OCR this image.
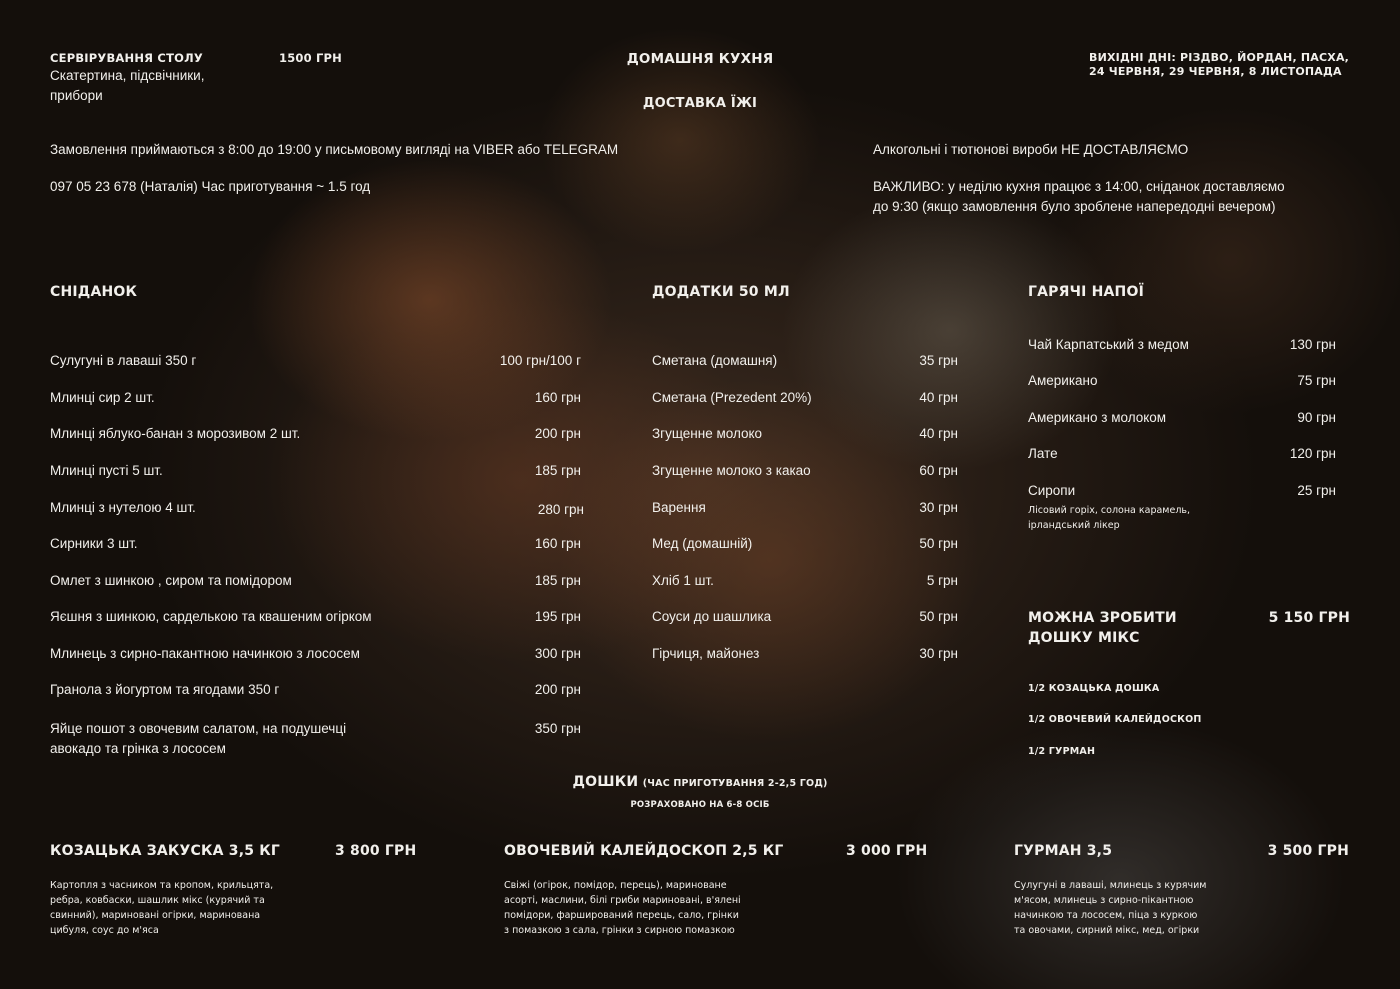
СЕРВІРУВАННЯ СТОЛУ	1500 ГРН
Скатертина, підсвічники,
прибори
ДОМАШНЯ КУХНЯ
ДОСТАВКА ЇЖІ
ВИХІДНІ ДНІ: РІЗДВО, ЙОРДАН, ПАСХА,
24 ЧЕРВНЯ, 29 ЧЕРВНЯ, 8 ЛИСТОПАДА
Замовлення приймаються з 8:00 до 19:00 у письмовому вигляді на VIBER або TELEGRAM
097 05 23 678 (Наталія) Час приготування ~ 1.5 год
Алкогольні і тютюнові вироби НЕ ДОСТАВЛЯЄМО
ВАЖЛИВО: у неділю кухня працює з 14:00, сніданок доставляємо
до 9:30 (якщо замовлення було зроблене напередодні вечером)
СНІДАНОК
Сулугуні в лаваші 350 г	100 грн/100 г
Млинці сир 2 шт.	160 грн
Млинці яблуко-банан з морозивом 2 шт.	200 грн
Млинці пусті 5 шт.	185 грн
Млинці з нутелою 4 шт.	280 грн
Сирники 3 шт.	160 грн
Омлет з шинкою , сиром та помідором	185 грн
Яєшня з шинкою, сарделькою та квашеним огірком	195 грн
Млинець з сирно-пакантною начинкою з лососем	300 грн
Гранола з йогуртом та ягодами 350 г	200 грн
Яйце пошот з овочевим салатом, на подушечці
авокадо та грінка з лососем
350 грн
ДОДАТКИ 50 МЛ
Сметана (домашня)	35 грн
Сметана (Prezedent 20%)	40 грн
Згущенне молоко	40 грн
Згущенне молоко з какао	60 грн
Варення	30 грн
Мед (домашній)	50 грн
Хліб 1 шт.	5 грн
Соуси до шашлика	50 грн
Гірчиця, майонез	30 грн
ГАРЯЧІ НАПОЇ
Чай Карпатський з медом	130 грн
Американо	75 грн
Американо з молоком	90 грн
Лате	120 грн
Сиропи	25 грн
Лісовий горіх, солона карамель,
ірландський лікер
МОЖНА ЗРОБИТИ
ДОШКУ МІКС
5 150 ГРН
1/2 КОЗАЦЬКА ДОШКА
1/2 ОВОЧЕВИЙ КАЛЕЙДОСКОП
1/2 ГУРМАН
ДОШКИ (ЧАС ПРИГОТУВАННЯ 2-2,5 ГОД)
РОЗРАХОВАНО НА 6-8 ОСІБ
КОЗАЦЬКА ЗАКУСКА 3,5 КГ	3 800 ГРН
Картопля з часником та кропом, крильцята,
ребра, ковбаски, шашлик мікс (курячий та
свинний), мариновані огірки, маринована
цибуля, соус до м'яса
ОВОЧЕВИЙ КАЛЕЙДОСКОП 2,5 КГ	3 000 ГРН
Свіжі (огірок, помідор, перець), мариноване
асорті, маслини, білі гриби мариновані, в'ялені
помідори, фарширований перець, сало, грінки
з помазкою з сала, грінки з сирною помазкою
ГУРМАН 3,5	3 500 ГРН
Сулугуні в лаваші, млинець з курячим
м'ясом, млинець з сирно-пікантною
начинкою та лососем, піца з куркою
та овочами, сирний мікс, мед, огірки
